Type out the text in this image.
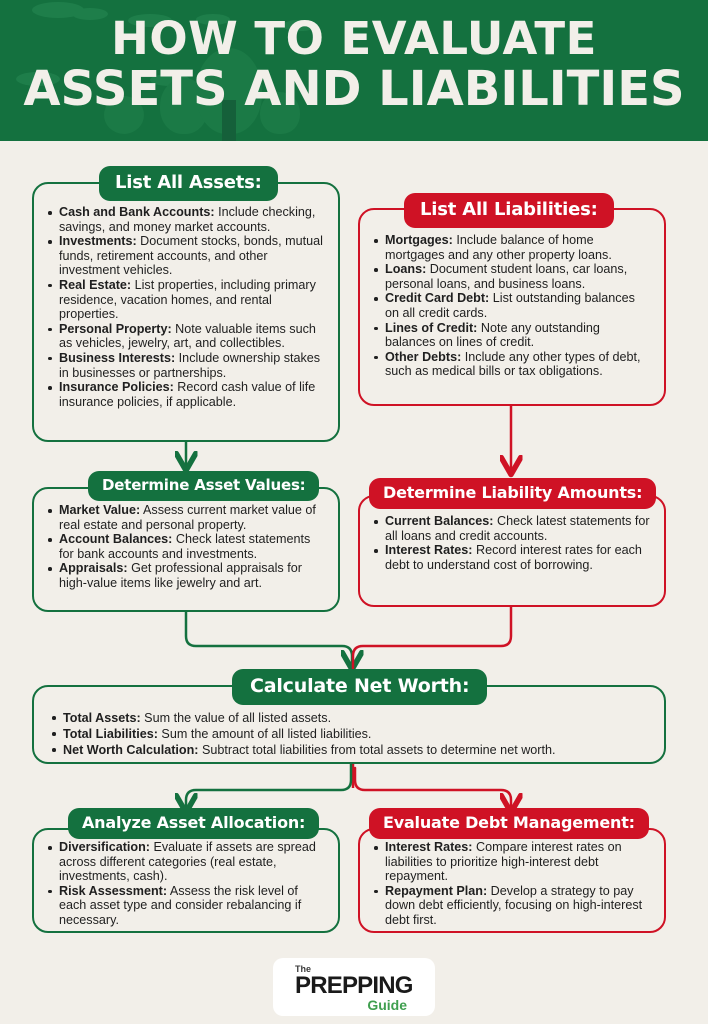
HOW TO EVALUATE
ASSETS AND LIABILITIES
List All Assets:
Cash and Bank Accounts: Include checking, savings, and money market accounts.
Investments: Document stocks, bonds, mutual funds, retirement accounts, and other investment vehicles.
Real Estate: List properties, including primary residence, vacation homes, and rental properties.
Personal Property: Note valuable items such as vehicles, jewelry, art, and collectibles.
Business Interests: Include ownership stakes in businesses or partnerships.
Insurance Policies: Record cash value of life insurance policies, if applicable.
List All Liabilities:
Mortgages: Include balance of home mortgages and any other property loans.
Loans: Document student loans, car loans, personal loans, and business loans.
Credit Card Debt: List outstanding balances on all credit cards.
Lines of Credit: Note any outstanding balances on lines of credit.
Other Debts: Include any other types of debt, such as medical bills or tax obligations.
Determine Asset Values:
Market Value: Assess current market value of real estate and personal property.
Account Balances: Check latest statements for bank accounts and investments.
Appraisals: Get professional appraisals for high-value items like jewelry and art.
Determine Liability Amounts:
Current Balances: Check latest statements for all loans and credit accounts.
Interest Rates: Record interest rates for each debt to understand cost of borrowing.
Calculate Net Worth:
Total Assets: Sum the value of all listed assets.
Total Liabilities: Sum the amount of all listed liabilities.
Net Worth Calculation: Subtract total liabilities from total assets to determine net worth.
Analyze Asset Allocation:
Diversification: Evaluate if assets are spread across different categories (real estate, investments, cash).
Risk Assessment: Assess the risk level of each asset type and consider rebalancing if necessary.
Evaluate Debt Management:
Interest Rates: Compare interest rates on liabilities to prioritize high-interest debt repayment.
Repayment Plan: Develop a strategy to pay down debt efficiently, focusing on high-interest debt first.
The
PREPPING
Guide
